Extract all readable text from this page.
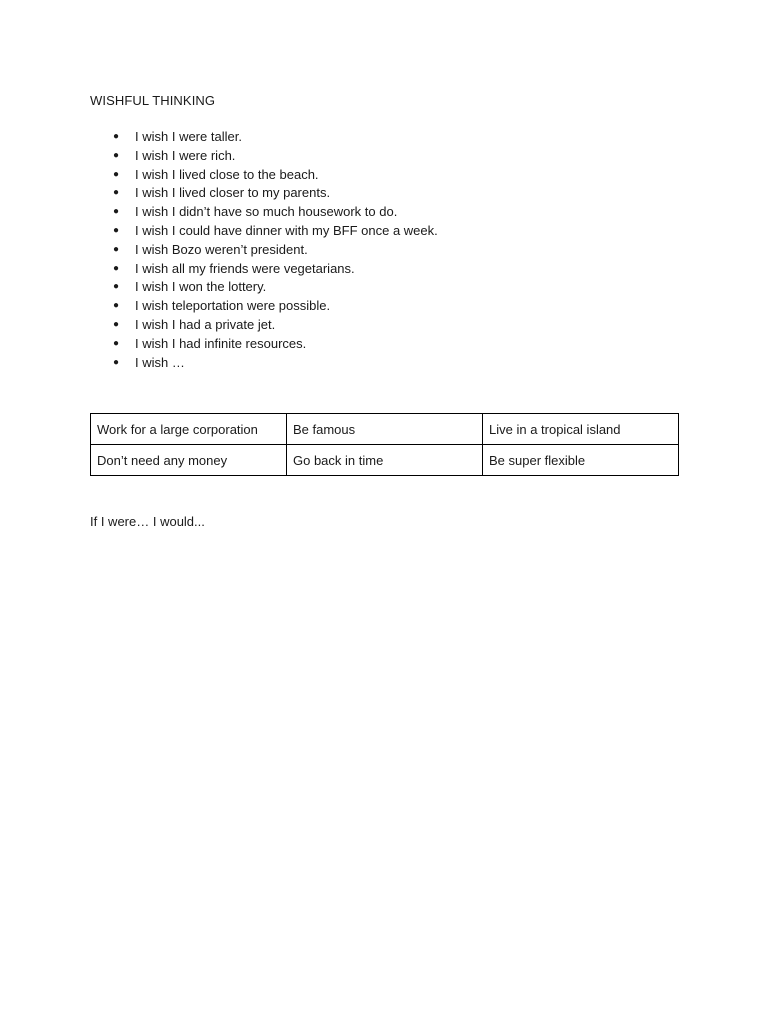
WISHFUL THINKING
● I wish I were taller.
● I wish I were rich.
● I wish I lived close to the beach.
● I wish I lived closer to my parents.
● I wish I didn’t have so much housework to do.
● I wish I could have dinner with my BFF once a week.
● I wish Bozo weren’t president.
● I wish all my friends were vegetarians.
● I wish I won the lottery.
● I wish teleportation were possible.
● I wish I had a private jet.
● I wish I had infinite resources.
● I wish …
Work for a large corporation	Be famous	Live in a tropical island
Don’t need any money	Go back in time	Be super flexible
If I were… I would...
